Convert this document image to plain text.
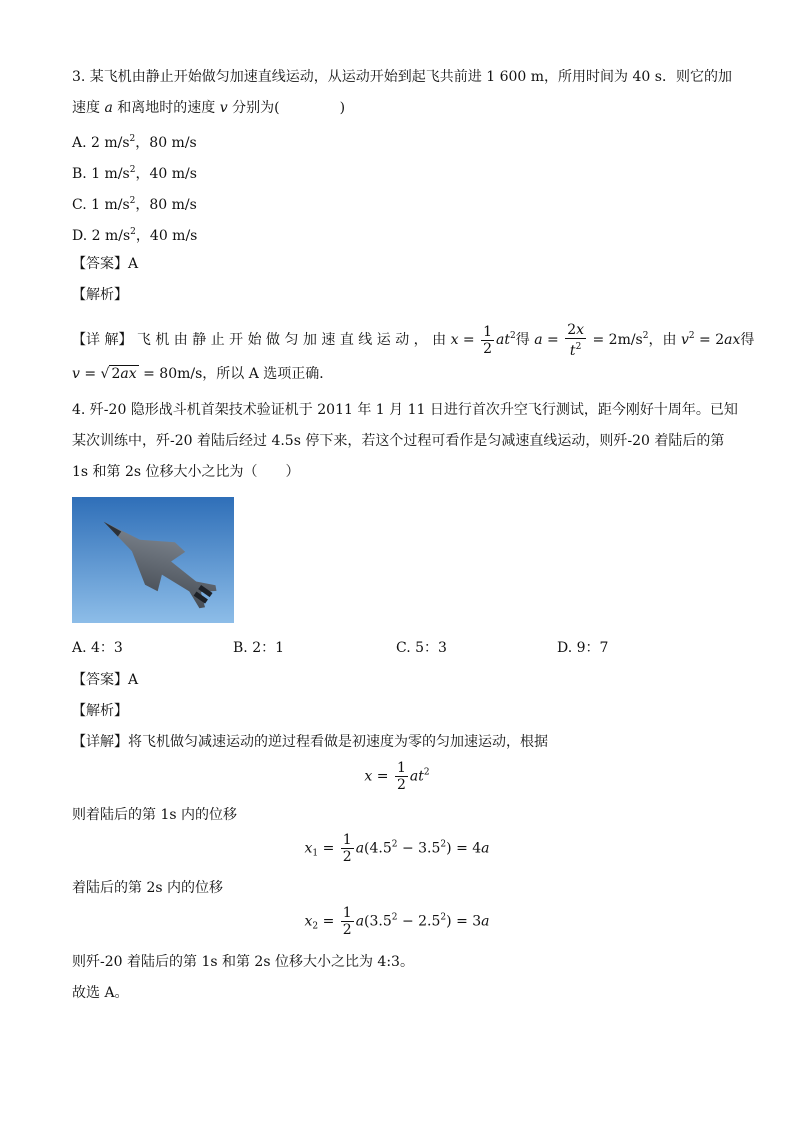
3. 某飞机由静止开始做匀加速直线运动，从运动开始到起飞共前进 1 600 m，所用时间为 40 s．则它的加
速度 a 和离地时的速度 v 分别为(	)
A. 2 $m/s^2$，80 m/s
B. 1 $m/s^2$，40 m/s
C. 1 $m/s^2$，80 m/s
D. 2 $m/s^2$，40 m/s
【答案】A
【解析】
【详 解】 飞 机 由 静 止 开 始 做 匀 加 速 直 线 运 动 ， 由 $x = \frac{1}{2} at^2$得 $a = \frac{2x}{t^2} = 2m/s^2$，由 $v^2 = 2ax$得
v = √ 2ax = 80m/s，所以 A 选项正确．
4. 歼-20 隐形战斗机首架技术验证机于 2011 年 1 月 11 日进行首次升空飞行测试，距今刚好十周年。已知
某次训练中，歼-20 着陆后经过 4.5s 停下来，若这个过程可看作是匀减速直线运动，则歼-20 着陆后的第
1s 和第 2s 位移大小之比为（　　）
A. 4：3	B. 2：1	C. 5：3	D. 9：7
【答案】A
【解析】
【详解】将飞机做匀减速运动的逆过程看做是初速度为零的匀加速运动，根据
$x = \frac{1}{2} at^2$
则着陆后的第 1s 内的位移
$x_1 = \frac{1}{2} a(4.5^2 - 3.5^2) = 4a$
着陆后的第 2s 内的位移
$x_2 = \frac{1}{2} a(3.5^2 - 2.5^2) = 3a$
则歼-20 着陆后的第 1s 和第 2s 位移大小之比为 4:3。
故选 A。
